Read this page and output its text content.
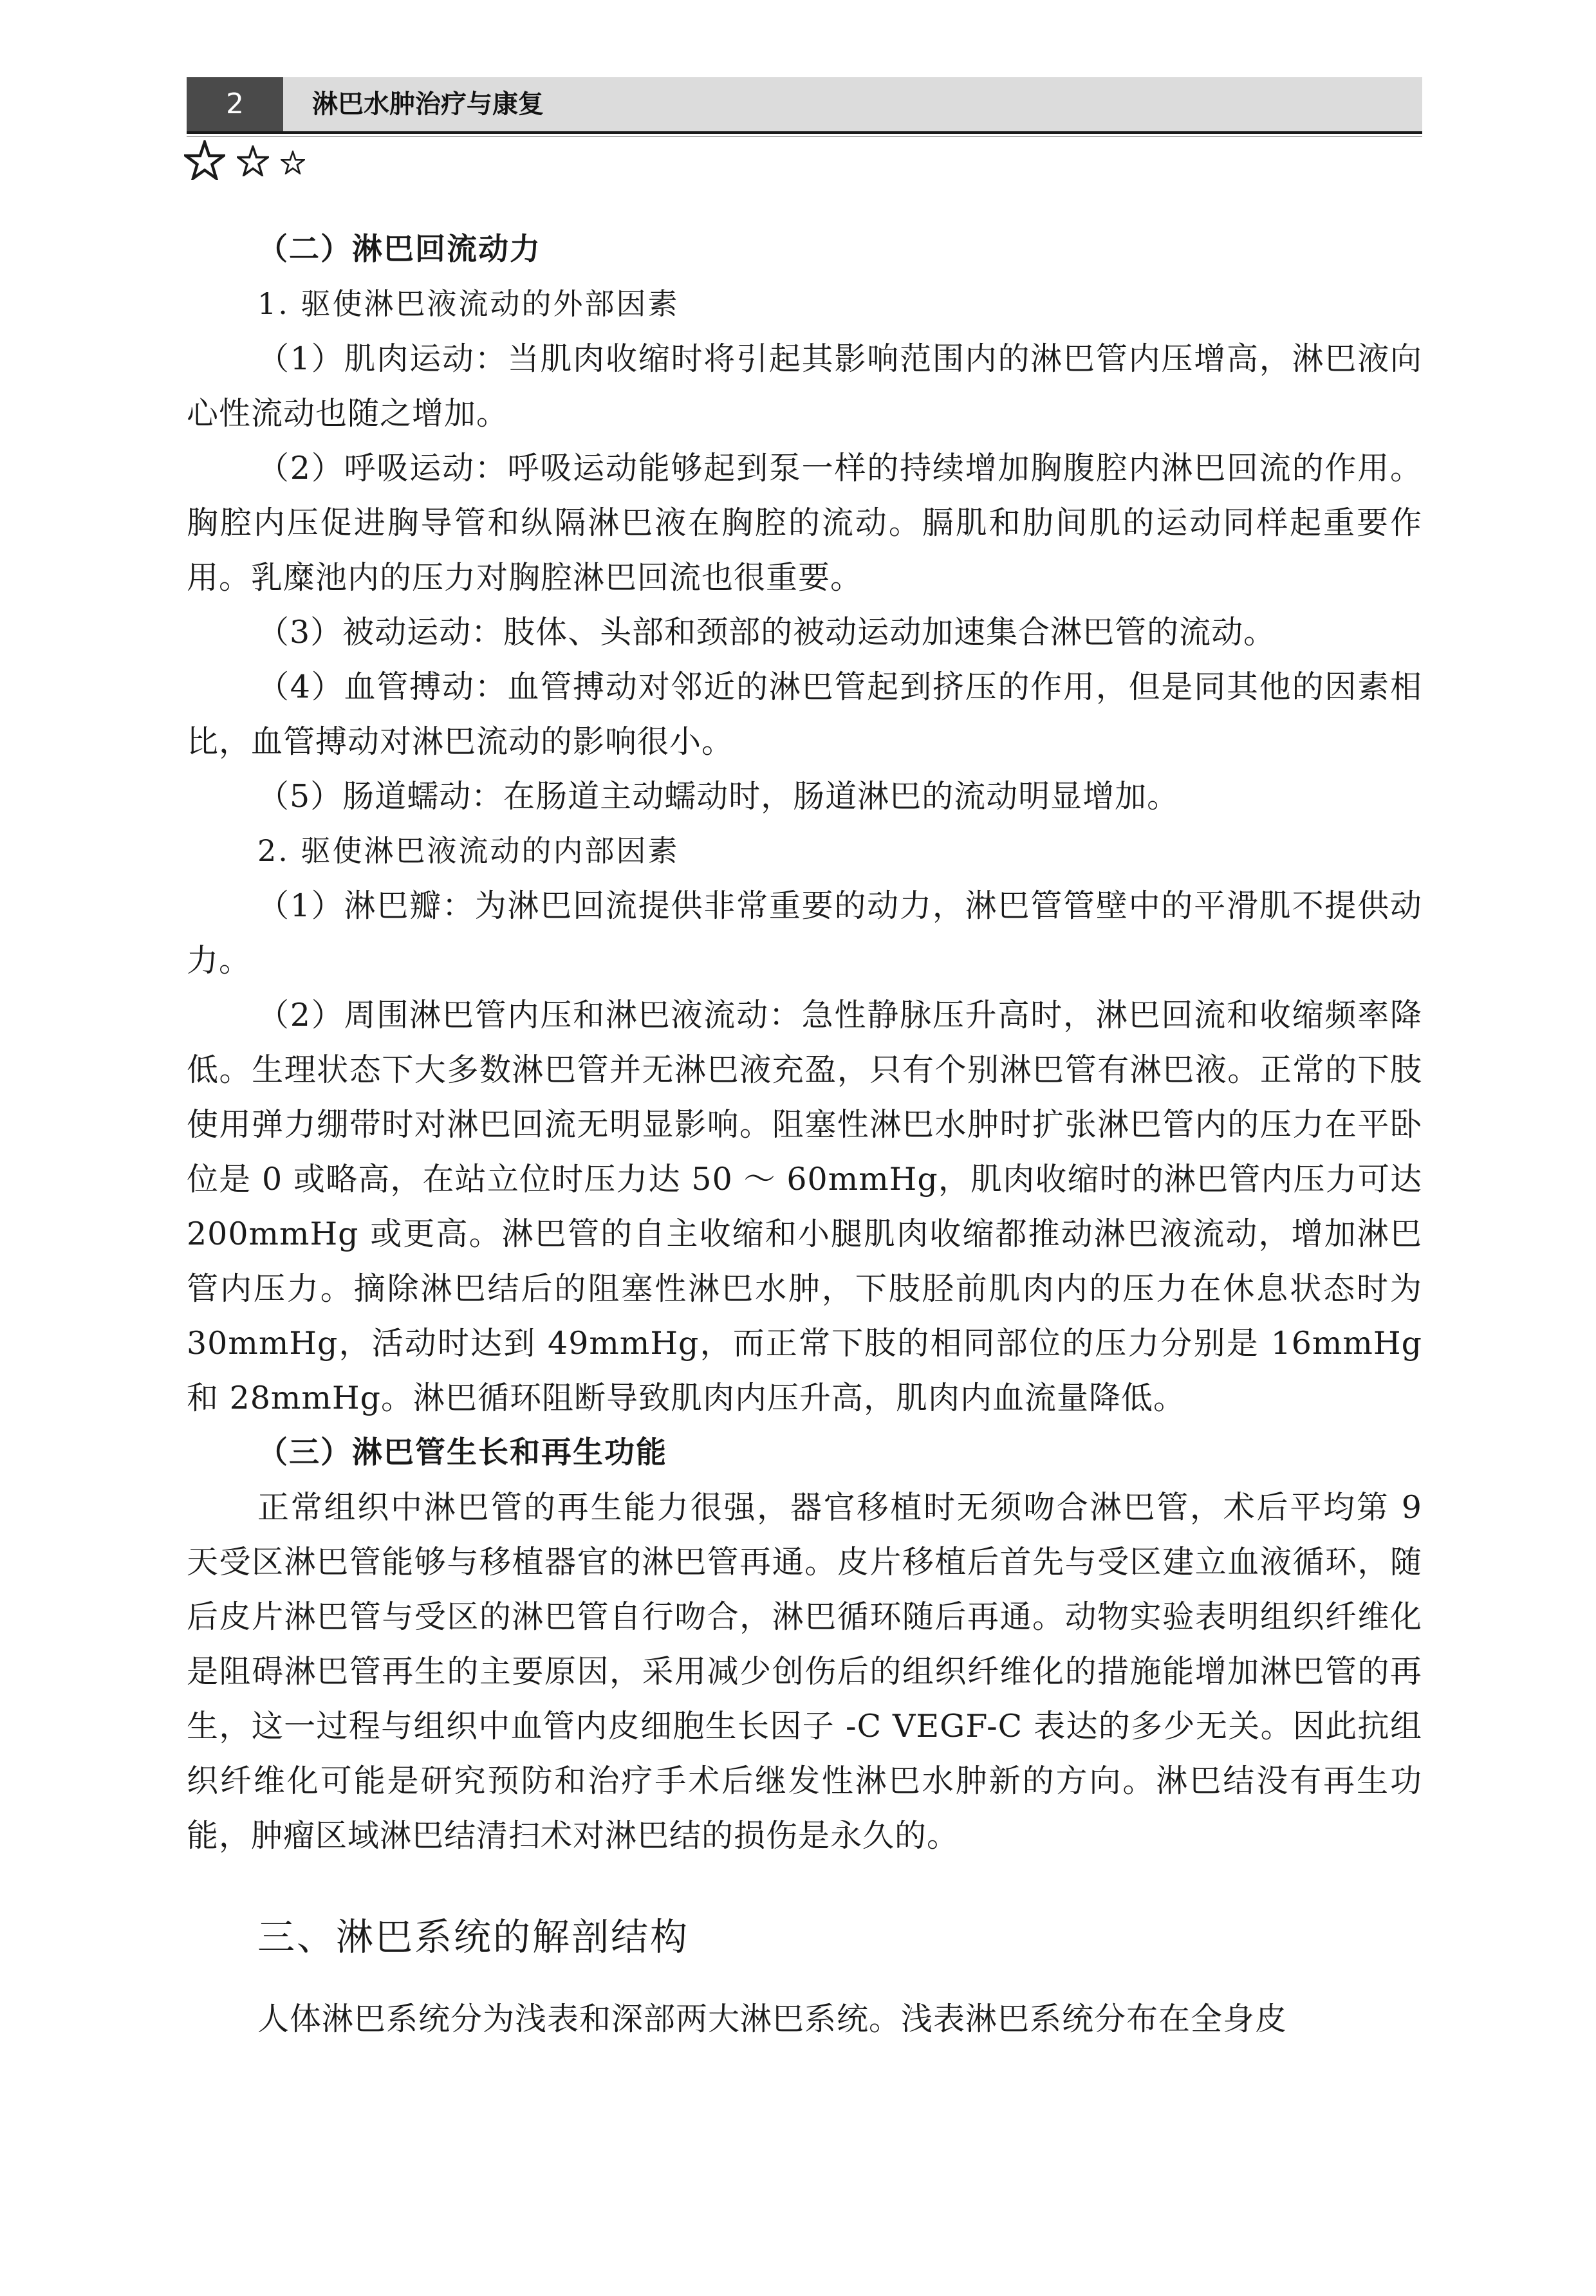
2	淋巴水肿治疗与康复

（二）淋巴回流动力

1. 驱使淋巴液流动的外部因素

（1）肌肉运动：当肌肉收缩时将引起其影响范围内的淋巴管内压增高，淋巴液向心性流动也随之增加。

（2）呼吸运动：呼吸运动能够起到泵一样的持续增加胸腹腔内淋巴回流的作用。胸腔内压促进胸导管和纵隔淋巴液在胸腔的流动。膈肌和肋间肌的运动同样起重要作用。乳糜池内的压力对胸腔淋巴回流也很重要。

（3）被动运动：肢体、头部和颈部的被动运动加速集合淋巴管的流动。

（4）血管搏动：血管搏动对邻近的淋巴管起到挤压的作用，但是同其他的因素相比，血管搏动对淋巴流动的影响很小。

（5）肠道蠕动：在肠道主动蠕动时，肠道淋巴的流动明显增加。

2. 驱使淋巴液流动的内部因素

（1）淋巴瓣：为淋巴回流提供非常重要的动力，淋巴管管壁中的平滑肌不提供动力。

（2）周围淋巴管内压和淋巴液流动：急性静脉压升高时，淋巴回流和收缩频率降低。生理状态下大多数淋巴管并无淋巴液充盈，只有个别淋巴管有淋巴液。正常的下肢使用弹力绷带时对淋巴回流无明显影响。阻塞性淋巴水肿时扩张淋巴管内的压力在平卧位是 0 或略高，在站立位时压力达 50 ～ 60mmHg，肌肉收缩时的淋巴管内压力可达 200mmHg 或更高。淋巴管的自主收缩和小腿肌肉收缩都推动淋巴液流动，增加淋巴管内压力。摘除淋巴结后的阻塞性淋巴水肿，下肢胫前肌肉内的压力在休息状态时为 30mmHg，活动时达到 49mmHg，而正常下肢的相同部位的压力分别是 16mmHg 和 28mmHg。淋巴循环阻断导致肌肉内压升高，肌肉内血流量降低。

（三）淋巴管生长和再生功能

正常组织中淋巴管的再生能力很强，器官移植时无须吻合淋巴管，术后平均第 9 天受区淋巴管能够与移植器官的淋巴管再通。皮片移植后首先与受区建立血液循环，随后皮片淋巴管与受区的淋巴管自行吻合，淋巴循环随后再通。动物实验表明组织纤维化是阻碍淋巴管再生的主要原因，采用减少创伤后的组织纤维化的措施能增加淋巴管的再生，这一过程与组织中血管内皮细胞生长因子 -C VEGF-C 表达的多少无关。因此抗组织纤维化可能是研究预防和治疗手术后继发性淋巴水肿新的方向。淋巴结没有再生功能，肿瘤区域淋巴结清扫术对淋巴结的损伤是永久的。

三、淋巴系统的解剖结构

人体淋巴系统分为浅表和深部两大淋巴系统。浅表淋巴系统分布在全身皮
